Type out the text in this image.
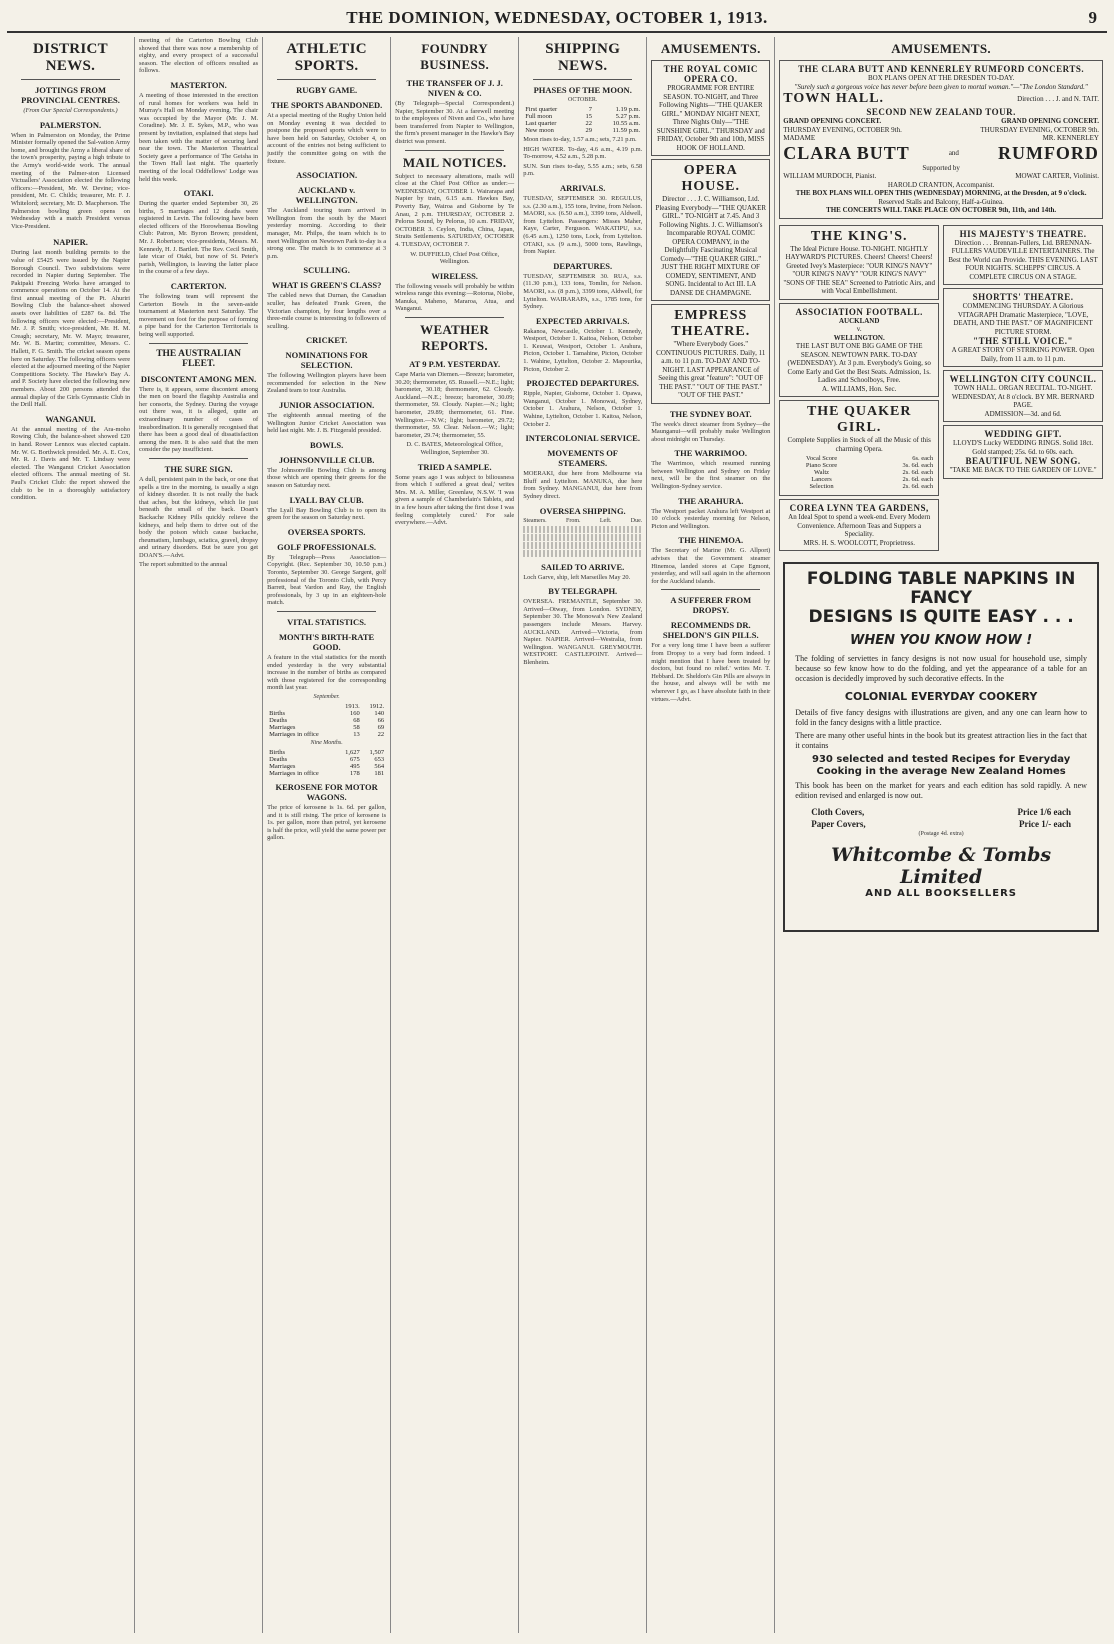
THE DOMINION, WEDNESDAY, OCTOBER 1, 1913.	9
DISTRICT NEWS.
JOTTINGS FROM PROVINCIAL CENTRES.
(From Our Special Correspondents.)
PALMERSTON.

When in Palmerston on Monday, the Prime Minister formally opened the Sal-vation Army home, and brought the Army a liberal share of the town's prosperity, paying a high tribute to the Army's world-wide work. The annual meeting of the Palmer-ston Licensed Victuallers' Association elected the following officers:—President, Mr. W. Devine; vice-president, Mr. C. Childs; treasurer, Mr. F. J. Whitelord; secretary, Mr. D. Macpherson. The Palmerston bowling green opens on Wednesday with a match President versus Vice-President.

NAPIER.

During last month building permits to the value of £5425 were issued by the Napier Borough Council. Two subdivisions were recorded in Napier during September. The Pakipaki Freezing Works have arranged to commence operations on October 14. At the first annual meeting of the Pt. Ahuriri Bowling Club the balance-sheet showed assets over liabilities of £287 6s. 8d. The following officers were elected:—President, Mr. J. P. Smith; vice-president, Mr. H. M. Creagh; secretary, Mr. W. Mayo; treasurer, Mr. W. B. Martin; committee, Messrs. C. Hallett, F. G. Smith. The cricket season opens here on Saturday. The following officers were elected at the adjourned meeting of the Napier Competitions Society. The Hawke's Bay A. and P. Society have elected the following new members. About 200 persons attended the annual display of the Girls Gymnastic Club in the Drill Hall.

WANGANUI.

At the annual meeting of the Ara-moho Rowing Club, the balance-sheet showed £20 in hand. Rower Lennox was elected captain. Mr. W. G. Borthwick presided. Mr. A. E. Cox, Mr. R. J. Davis and Mr. T. Lindsay were elected. The Wanganui Cricket Association elected officers. The annual meeting of St. Paul's Cricket Club: the report showed the club to be in a thoroughly satisfactory condition.

meeting of the Carterton Bowling Club showed that there was now a membership of eighty, and every prospect of a successful season. The election of officers resulted as follows.

MASTERTON.

A meeting of those interested in the erection of rural homes for workers was held in Murray's Hall on Monday evening. The chair was occupied by the Mayor (Mr. J. M. Coradine). Mr. J. E. Sykes, M.P., who was present by invitation, explained that steps had been taken with the matter of securing land near the town. The Masterton Theatrical Society gave a performance of The Geisha in the Town Hall last night. The quarterly meeting of the local Oddfellows' Lodge was held this week.

OTAKI.

During the quarter ended September 30, 26 births, 5 marriages and 12 deaths were registered in Levin. The following have been elected officers of the Horowhenua Bowling Club: Patron, Mr. Byron Brown; president, Mr. J. Robertson; vice-presidents, Messrs. M. Kennedy, H. J. Bartlett. The Rev. Cecil Smith, late vicar of Otaki, but now of St. Peter's parish, Wellington, is leaving the latter place in the course of a few days.

CARTERTON.

The following team will represent the Carterton Bowls in the seven-aside tournament at Masterton next Saturday. The movement on foot for the purpose of forming a pipe band for the Carterton Territorials is being well supported.

THE AUSTRALIAN FLEET.
DISCONTENT AMONG MEN.

There is, it appears, some discontent among the men on board the flagship Australia and her consorts, the Sydney. During the voyage out there was, it is alleged, quite an extraordinary number of cases of insubordination. It is generally recognised that there has been a good deal of dissatisfaction among the men. It is also said that the men consider the pay insufficient.

THE SURE SIGN.

A dull, persistent pain in the back, or one that spells a tire in the morning, is usually a sign of kidney disorder. It is not really the back that aches, but the kidneys, which lie just beneath the small of the back. Doan's Backache Kidney Pills quickly relieve the kidneys, and help them to drive out of the body the poison which cause backache, rheumatism, lumbago, sciatica, gravel, dropsy and urinary disorders. But be sure you get DOAN'S.—Advt.

The report submitted to the annual

ATHLETIC SPORTS.
RUGBY GAME.
THE SPORTS ABANDONED.

At a special meeting of the Rugby Union held on Monday evening it was decided to postpone the proposed sports which were to have been held on Saturday, October 4, on account of the entries not being sufficient to justify the committee going on with the fixture.

ASSOCIATION.
AUCKLAND v. WELLINGTON.

The Auckland touring team arrived in Wellington from the south by the Maori yesterday morning. According to their manager, Mr. Philps, the team which is to meet Wellington on Newtown Park to-day is a strong one. The match is to commence at 3 p.m.

SCULLING.
WHAT IS GREEN'S CLASS?

The cabled news that Durnan, the Canadian sculler, has defeated Frank Green, the Victorian champion, by four lengths over a three-mile course is interesting to followers of sculling.

CRICKET.
NOMINATIONS FOR SELECTION.

The following Wellington players have been recommended for selection in the New Zealand team to tour Australia.

JUNIOR ASSOCIATION.

The eighteenth annual meeting of the Wellington Junior Cricket Association was held last night. Mr. J. B. Fitzgerald presided.

BOWLS.
JOHNSONVILLE CLUB.

The Johnsonville Bowling Club is among those which are opening their greens for the season on Saturday next.

LYALL BAY CLUB.

The Lyall Bay Bowling Club is to open its green for the season on Saturday next.

OVERSEA SPORTS.
GOLF PROFESSIONALS.

By Telegraph—Press Association—Copyright. (Rec. September 30, 10.50 p.m.) Toronto, September 30. George Sargent, golf professional of the Toronto Club, with Percy Barrett, beat Vardon and Ray, the English professionals, by 3 up in an eighteen-hole match.

VITAL STATISTICS.
MONTH'S BIRTH-RATE GOOD.

A feature in the vital statistics for the month ended yesterday is the very substantial increase in the number of births as compared with those registered for the corresponding month last year.

September.
	1913.	1912.
Births	160	140
Deaths	68	66
Marriages	58	69
Marriages in office	13	22
Nine Months.
Births	1,627	1,507
Deaths	675	653
Marriages	495	564
Marriages in office	178	181
KEROSENE FOR MOTOR WAGONS.

The price of kerosene is 1s. 6d. per gallon, and it is still rising. The price of kerosene is 1s. per gallon, more than petrol, yet kerosene is half the price, will yield the same power per gallon.

FOUNDRY BUSINESS.
THE TRANSFER OF J. J. NIVEN & CO.

(By Telegraph—Special Correspondent.) Napier, September 30. At a farewell meeting to the employees of Niven and Co., who have been transferred from Napier to Wellington, the firm's present manager in the Hawke's Bay district was present.

MAIL NOTICES.

Subject to necessary alterations, mails will close at the Chief Post Office as under:—WEDNESDAY, OCTOBER 1. Wairarapa and Napier by train, 6.15 a.m. Hawkes Bay, Poverty Bay, Wairoa and Gisborne by Te Anau, 2 p.m. THURSDAY, OCTOBER 2. Pelorus Sound, by Pelorus, 10 a.m. FRIDAY, OCTOBER 3. Ceylon, India, China, Japan, Straits Settlements. SATURDAY, OCTOBER 4. TUESDAY, OCTOBER 7.

W. DUFFIELD, Chief Post Office, Wellington.

WIRELESS.

The following vessels will probably be within wireless range this evening:—Rotorua, Niobe, Manuka, Maheno, Mararoa, Atua, and Wanganui.

WEATHER REPORTS.
AT 9 P.M. YESTERDAY.

Cape Maria van Diemen.—Breeze; barometer, 30.20; thermometer, 65. Russell.—N.E.; light; barometer, 30.18; thermometer, 62. Cloudy. Auckland.—N.E.; breeze; barometer, 30.09; thermometer, 59. Cloudy. Napier.—N.; light; barometer, 29.89; thermometer, 61. Fine. Wellington.—N.W.; light; barometer, 29.72; thermometer, 59. Clear. Nelson.—W.; light; barometer, 29.74; thermometer, 55.

D. C. BATES, Meteorological Office, Wellington, September 30.

TRIED A SAMPLE.

Some years ago I was subject to biliousness from which I suffered a great deal,' writes Mrs. M. A. Miller, Greenlaw, N.S.W. 'I was given a sample of Chamberlain's Tablets, and in a few hours after taking the first dose I was feeling completely cured.' For sale everywhere.—Advt.

SHIPPING NEWS.
PHASES OF THE MOON.
OCTOBER.
First quarter	7	1.19 p.m.
Full moon	15	5.27 p.m.
Last quarter	22	10.55 a.m.
New moon	29	11.59 p.m.

Moon rises to-day, 1.57 a.m.; sets, 7.21 p.m.

HIGH WATER. To-day, 4.6 a.m., 4.19 p.m. To-morrow, 4.52 a.m., 5.28 p.m.

SUN. Sun rises to-day, 5.55 a.m.; sets, 6.58 p.m.

ARRIVALS.

TUESDAY, SEPTEMBER 30. REGULUS, s.s. (2.30 a.m.), 155 tons, Irvine, from Nelson. MAORI, s.s. (6.50 a.m.), 3399 tons, Aldwell, from Lyttelton. Passengers: Misses Maher, Kaye, Carter, Ferguson. WAKATIPU, s.s. (6.45 a.m.), 1250 tons, Lock, from Lyttelton. OTAKI, s.s. (9 a.m.), 5000 tons, Rawlings, from Napier.

DEPARTURES.

TUESDAY, SEPTEMBER 30. RUA, s.s. (11.30 p.m.), 133 tons, Tomlin, for Nelson. MAORI, s.s. (8 p.m.), 3399 tons, Aldwell, for Lyttelton. WAIRARAPA, s.s., 1785 tons, for Sydney.

EXPECTED ARRIVALS.

Rakanoa, Newcastle, October 1. Kennedy, Westport, October 1. Kaitoa, Nelson, October 1. Keuwai, Westport, October 1. Arahura, Picton, October 1. Tamahine, Picton, October 1. Wahine, Lyttelton, October 2. Mapourika, Picton, October 2.

PROJECTED DEPARTURES.

Ripple, Napier, Gisborne, October 1. Opawa, Wanganui, October 1. Monowai, Sydney, October 1. Arahura, Nelson, October 1. Wahine, Lyttelton, October 1. Kaitoa, Nelson, October 2.

INTERCOLONIAL SERVICE.
MOVEMENTS OF STEAMERS.

MOERAKI, due here from Melbourne via Bluff and Lyttelton. MANUKA, due here from Sydney. MANGANUI, due here from Sydney direct.

OVERSEA SHIPPING.
Steamers.	From.	Left.	Due.
SAILED TO ARRIVE.

Loch Garve, ship, left Marseilles May 20.

BY TELEGRAPH.

OVERSEA. FREMANTLE, September 30. Arrived—Otway, from London. SYDNEY, September 30. The Monowai's New Zealand passengers include Messrs. Harvey. AUCKLAND. Arrived—Victoria, from Napier. NAPIER. Arrived—Westralia, from Wellington. WANGANUI. GREYMOUTH. WESTPORT. CASTLEPOINT. Arrived—Blenheim.

AMUSEMENTS.
THE ROYAL COMIC OPERA CO.
PROGRAMME FOR ENTIRE SEASON. TO-NIGHT, and Three Following Nights—"THE QUAKER GIRL." MONDAY NIGHT NEXT, Three Nights Only—"THE SUNSHINE GIRL." THURSDAY and FRIDAY, October 9th and 10th, MISS HOOK OF HOLLAND.
OPERA HOUSE.
Director . . . J. C. Williamson, Ltd.
Pleasing Everybody—"THE QUAKER GIRL." TO-NIGHT at 7.45. And 3 Following Nights. J. C. Williamson's Incomparable ROYAL COMIC OPERA COMPANY, in the Delightfully Fascinating Musical Comedy—"THE QUAKER GIRL." JUST THE RIGHT MIXTURE OF COMEDY, SENTIMENT, AND SONG. Incidental to Act III. LA DANSE DE CHAMPAGNE.
EMPRESS THEATRE.
"Where Everybody Goes." CONTINUOUS PICTURES. Daily, 11 a.m. to 11 p.m. TO-DAY AND TO-NIGHT. LAST APPEARANCE of Seeing this great "feature": "OUT OF THE PAST." "OUT OF THE PAST." "OUT OF THE PAST."
THE SYDNEY BOAT.

The week's direct steamer from Sydney—the Maunganui—will probably make Wellington about midnight on Thursday.

THE WARRIMOO.

The Warrimoo, which resumed running between Wellington and Sydney on Friday next, will be the first steamer on the Wellington-Sydney service.

THE ARAHURA.

The Westport packet Arahura left Westport at 10 o'clock yesterday morning for Nelson, Picton and Wellington.

THE HINEMOA.

The Secretary of Marine (Mr. G. Allport) advises that the Government steamer Hinemoa, landed stores at Cape Egmont, yesterday, and will sail again in the afternoon for the Auckland islands.

A SUFFERER FROM DROPSY.
RECOMMENDS DR. SHELDON'S GIN PILLS.

For a very long time I have been a sufferer from Dropsy to a very bad form indeed. I might mention that I have been treated by doctors, but found no relief.' writes Mr. T. Hebbard. Dr. Sheldon's Gin Pills are always in the house, and always will be with me wherever I go, as I have absolute faith in their virtues.—Advt.

AMUSEMENTS.
THE CLARA BUTT AND KENNERLEY RUMFORD CONCERTS.
BOX PLANS OPEN AT THE DRESDEN TO-DAY.
"Surely such a gorgeous voice has never before been given to mortal woman."—"The London Standard."
TOWN HALL.	Direction . . . J. and N. TAIT.
SECOND NEW ZEALAND TOUR.
GRAND OPENING CONCERT.	GRAND OPENING CONCERT.
THURSDAY EVENING, OCTOBER 9th.	THURSDAY EVENING, OCTOBER 9th.
MADAME	MR. KENNERLEY
CLARA BUTT	and RUMFORD
Supported by
WILLIAM MURDOCH, Pianist.	MOWAT CARTER, Violinist.
HAROLD CRANTON, Accompanist.
THE BOX PLANS WILL OPEN THIS (WEDNESDAY) MORNING, at the Dresden, at 9 o'clock.
Reserved Stalls and Balcony, Half-a-Guinea.
THE CONCERTS WILL TAKE PLACE ON OCTOBER 9th, 11th, and 14th.
THE KING'S.
The Ideal Picture House. TO-NIGHT. NIGHTLY HAYWARD'S PICTURES. Cheers! Cheers! Cheers! Greeted Ivey's Masterpiece: "OUR KING'S NAVY" "OUR KING'S NAVY" "OUR KING'S NAVY" "SONS OF THE SEA" Screened to Patriotic Airs, and with Vocal Embellishment.
ASSOCIATION FOOTBALL.
AUCKLAND
v.
WELLINGTON.
THE LAST BUT ONE BIG GAME OF THE SEASON. NEWTOWN PARK. TO-DAY (WEDNESDAY). At 3 p.m. Everybody's Going, so Come Early and Get the Best Seats. Admission, 1s. Ladies and Schoolboys, Free.
A. WILLIAMS, Hon. Sec.
THE QUAKER GIRL.
Complete Supplies in Stock of all the Music of this charming Opera.
Vocal Score	6s. each
Piano Score	3s. 6d. each
Waltz	2s. 6d. each
Lancers	2s. 6d. each
Selection	2s. 6d. each
COREA LYNN TEA GARDENS,
An Ideal Spot to spend a week-end. Every Modern Convenience. Afternoon Teas and Suppers a Speciality.
MRS. H. S. WOOLCOTT, Proprietress.
HIS MAJESTY'S THEATRE.
Direction . . . Brennan-Fullers, Ltd. BRENNAN-FULLERS VAUDEVILLE ENTERTAINERS. The Best the World can Provide. THIS EVENING. LAST FOUR NIGHTS. SCHEPPS' CIRCUS. A COMPLETE CIRCUS ON A STAGE.
SHORTTS' THEATRE.
COMMENCING THURSDAY. A Glorious VITAGRAPH Dramatic Masterpiece, "LOVE, DEATH, AND THE PAST." OF MAGNIFICENT PICTURE STORM.
"THE STILL VOICE."
A GREAT STORY OF STRIKING POWER. Open Daily, from 11 a.m. to 11 p.m.
WELLINGTON CITY COUNCIL.
TOWN HALL. ORGAN RECITAL. TO-NIGHT. WEDNESDAY, At 8 o'clock. BY MR. BERNARD PAGE.
ADMISSION—3d. and 6d.
WEDDING GIFT.
LLOYD'S Lucky WEDDING RINGS. Solid 18ct. Gold stamped; 25s. 6d. to 60s. each.
BEAUTIFUL NEW SONG.
"TAKE ME BACK TO THE GARDEN OF LOVE."
FOLDING TABLE NAPKINS IN FANCY
DESIGNS IS QUITE EASY . . .
WHEN YOU KNOW HOW !
The folding of serviettes in fancy designs is not now usual for household use, simply because so few know how to do the folding, and yet the appearance of a table for an occasion is decidedly improved by such decorative effects. In the
COLONIAL EVERYDAY COOKERY
Details of five fancy designs with illustrations are given, and any one can learn how to fold in the fancy designs with a little practice.
There are many other useful hints in the book but its greatest attraction lies in the fact that it contains
930 selected and tested Recipes for Everyday Cooking in the average New Zealand Homes
This book has been on the market for years and each edition has sold rapidly. A new edition revised and enlarged is now out.
Cloth Covers,	Price 1/6 each
Paper Covers,	Price 1/- each
(Postage 4d. extra)
Whitcombe & Tombs Limited
AND ALL BOOKSELLERS
